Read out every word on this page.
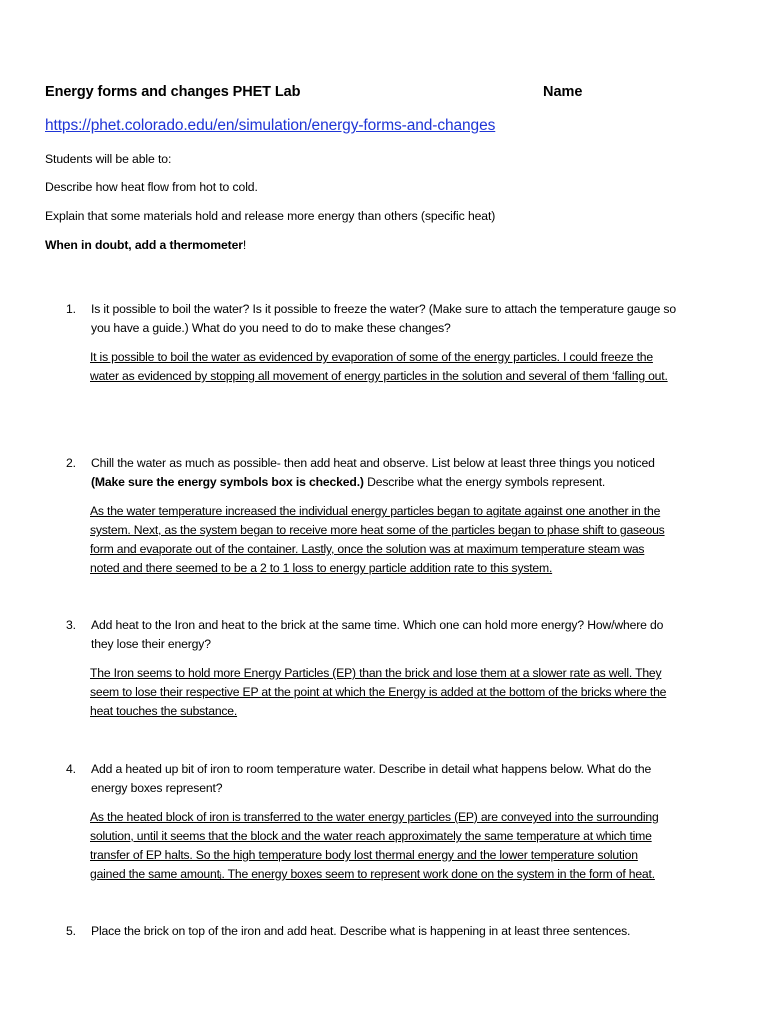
Energy forms and changes PHET Lab	Name
https://phet.colorado.edu/en/simulation/energy-forms-and-changes
Students will be able to:
Describe how heat flow from hot to cold.
Explain that some materials hold and release more energy than others (specific heat)
When in doubt, add a thermometer!
1.	Is it possible to boil the water? Is it possible to freeze the water? (Make sure to attach the temperature gauge so
you have a guide.) What do you need to do to make these changes?
It is possible to boil the water as evidenced by evaporation of some of the energy particles. I could freeze the
water as evidenced by stopping all movement of energy particles in the solution and several of them ‘falling out.
2.	Chill the water as much as possible- then add heat and observe. List below at least three things you noticed
(Make sure the energy symbols box is checked.) Describe what the energy symbols represent.
As the water temperature increased the individual energy particles began to agitate against one another in the
system. Next, as the system began to receive more heat some of the particles began to phase shift to gaseous
form and evaporate out of the container. Lastly, once the solution was at maximum temperature steam was
noted and there seemed to be a 2 to 1 loss to energy particle addition rate to this system.
3.	Add heat to the Iron and heat to the brick at the same time. Which one can hold more energy? How/where do
they lose their energy?
The Iron seems to hold more Energy Particles (EP) than the brick and lose them at a slower rate as well. They
seem to lose their respective EP at the point at which the Energy is added at the bottom of the bricks where the
heat touches the substance.
4.	Add a heated up bit of iron to room temperature water. Describe in detail what happens below. What do the
energy boxes represent?
As the heated block of iron is transferred to the water energy particles (EP) are conveyed into the surrounding
solution, until it seems that the block and the water reach approximately the same temperature at which time
transfer of EP halts. So the high temperature body lost thermal energy and the lower temperature solution
gained the same amountᵢ. The energy boxes seem to represent work done on the system in the form of heat.
5.	Place the brick on top of the iron and add heat. Describe what is happening in at least three sentences.
